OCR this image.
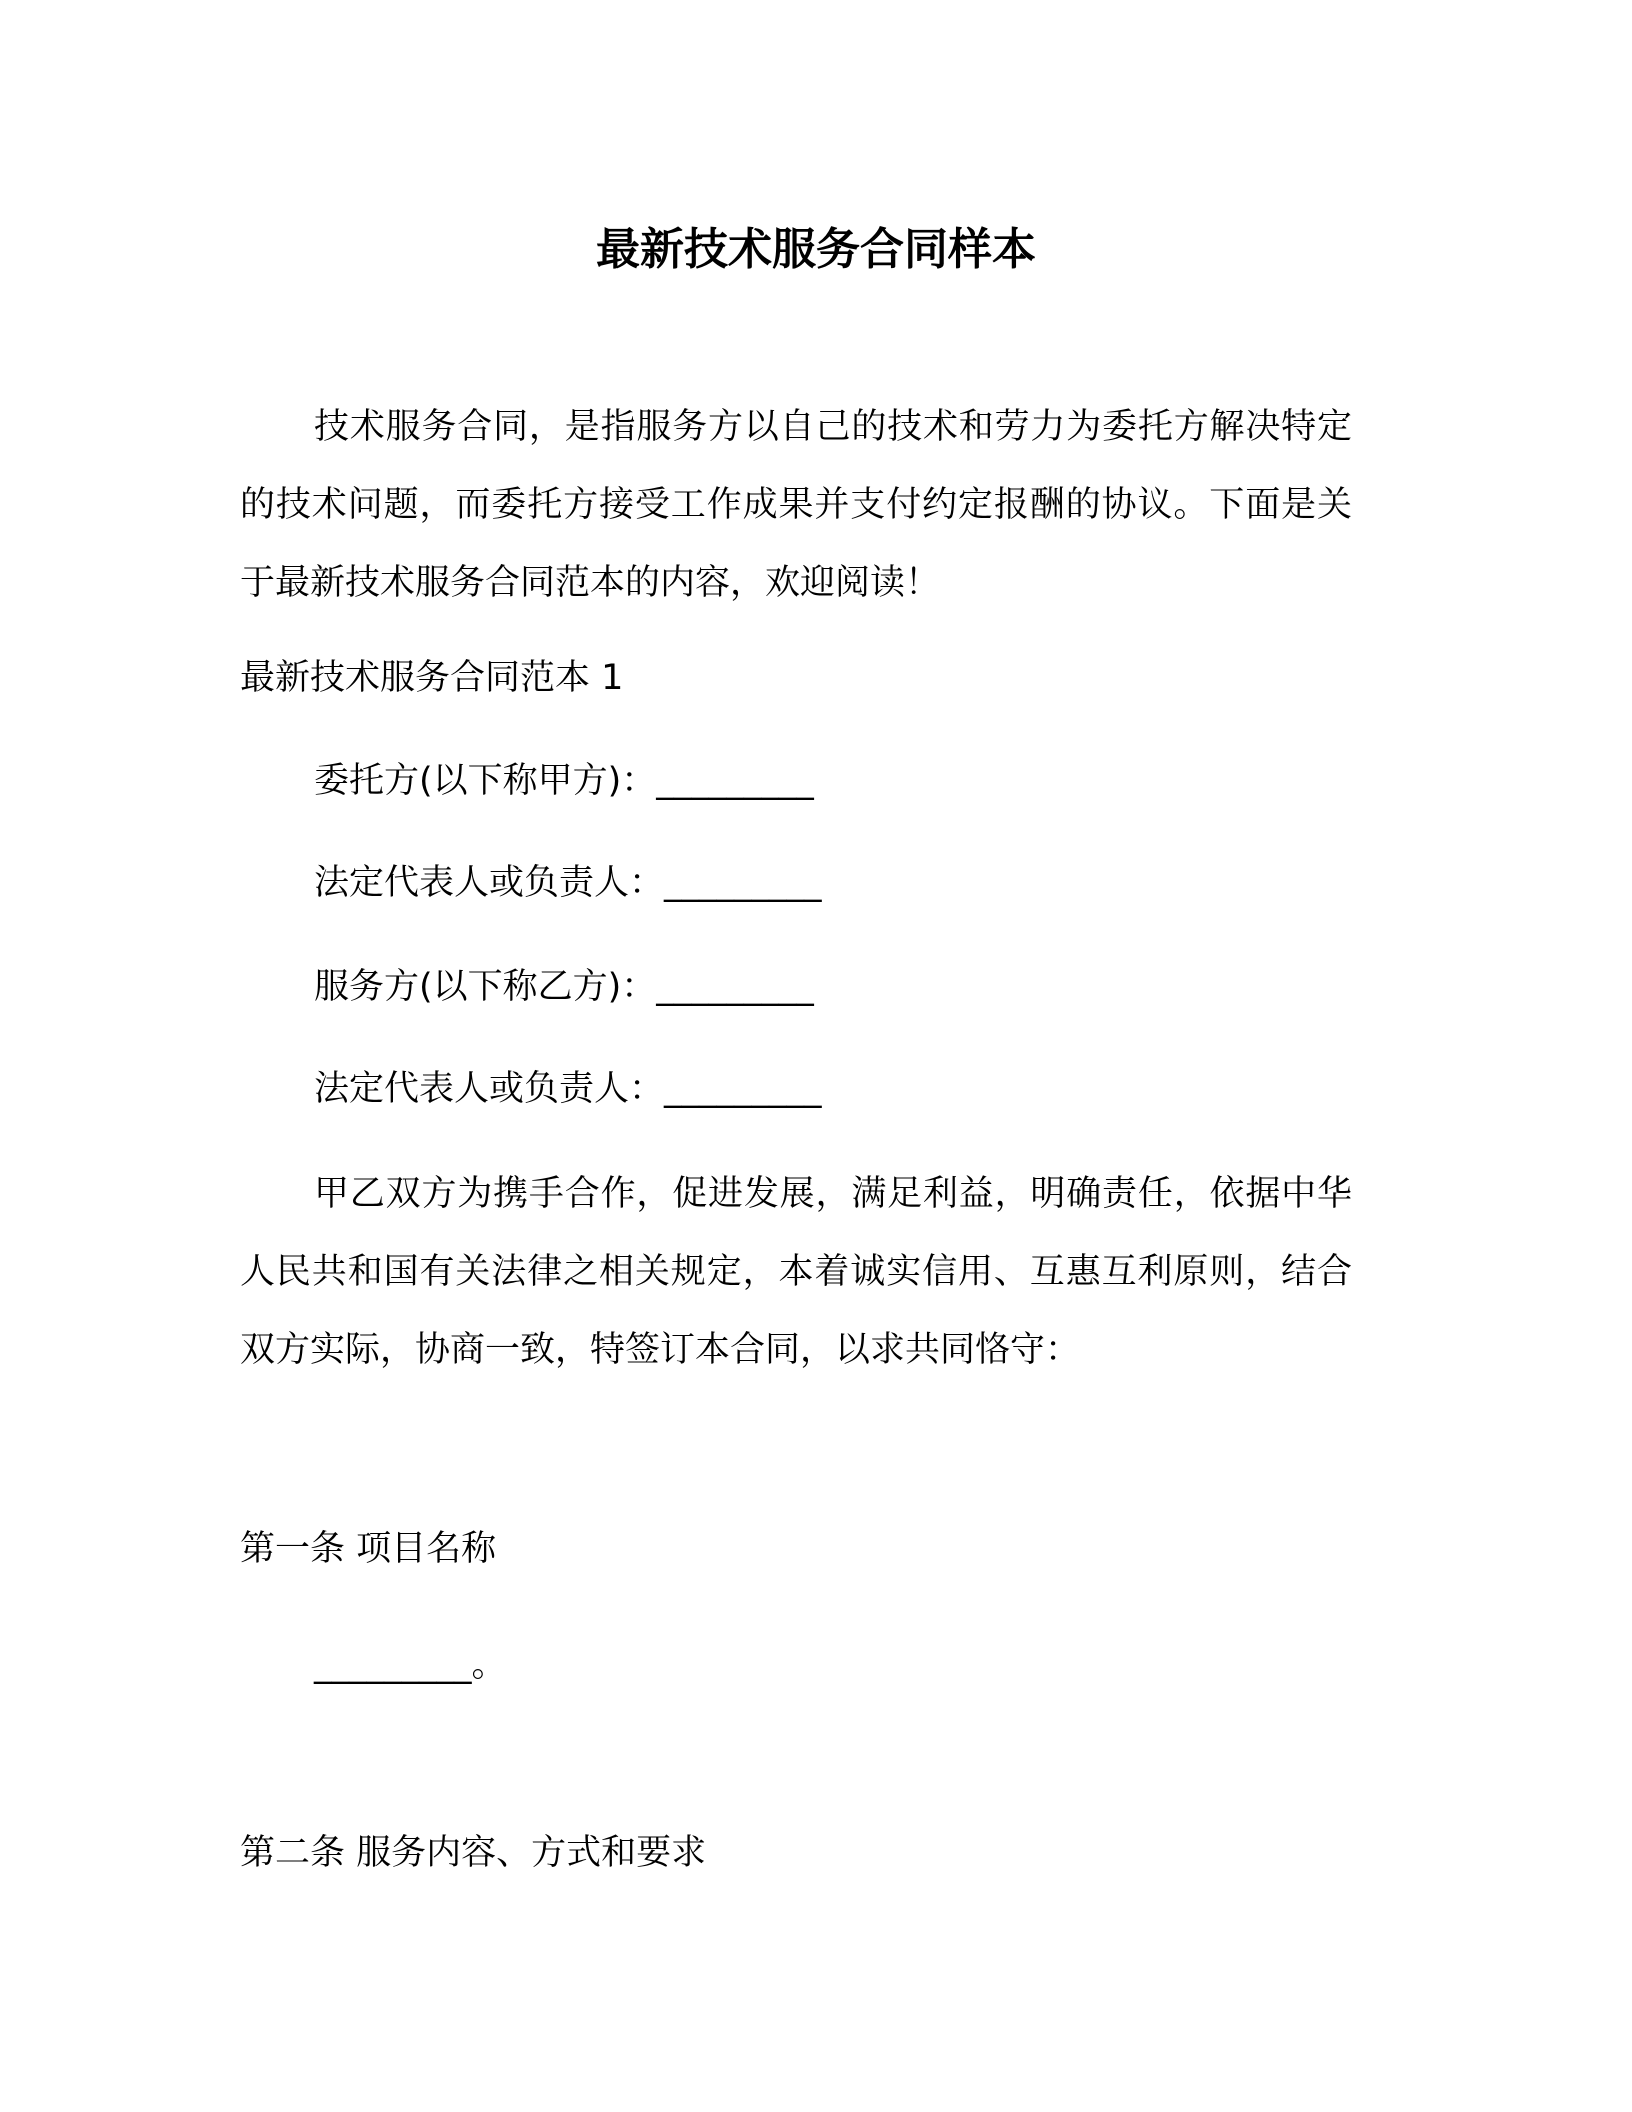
最新技术服务合同样本

技术服务合同，是指服务方以自己的技术和劳力为委托方解决特定的技术问题，而委托方接受工作成果并支付约定报酬的协议。下面是关于最新技术服务合同范本的内容，欢迎阅读！

最新技术服务合同范本 1

委托方(以下称甲方)：_________

法定代表人或负责人：_________

服务方(以下称乙方)：_________

法定代表人或负责人：_________

甲乙双方为携手合作，促进发展，满足利益，明确责任，依据中华人民共和国有关法律之相关规定，本着诚实信用、互惠互利原则，结合双方实际，协商一致，特签订本合同，以求共同恪守：

第一条 项目名称

_________。

第二条 服务内容、方式和要求
